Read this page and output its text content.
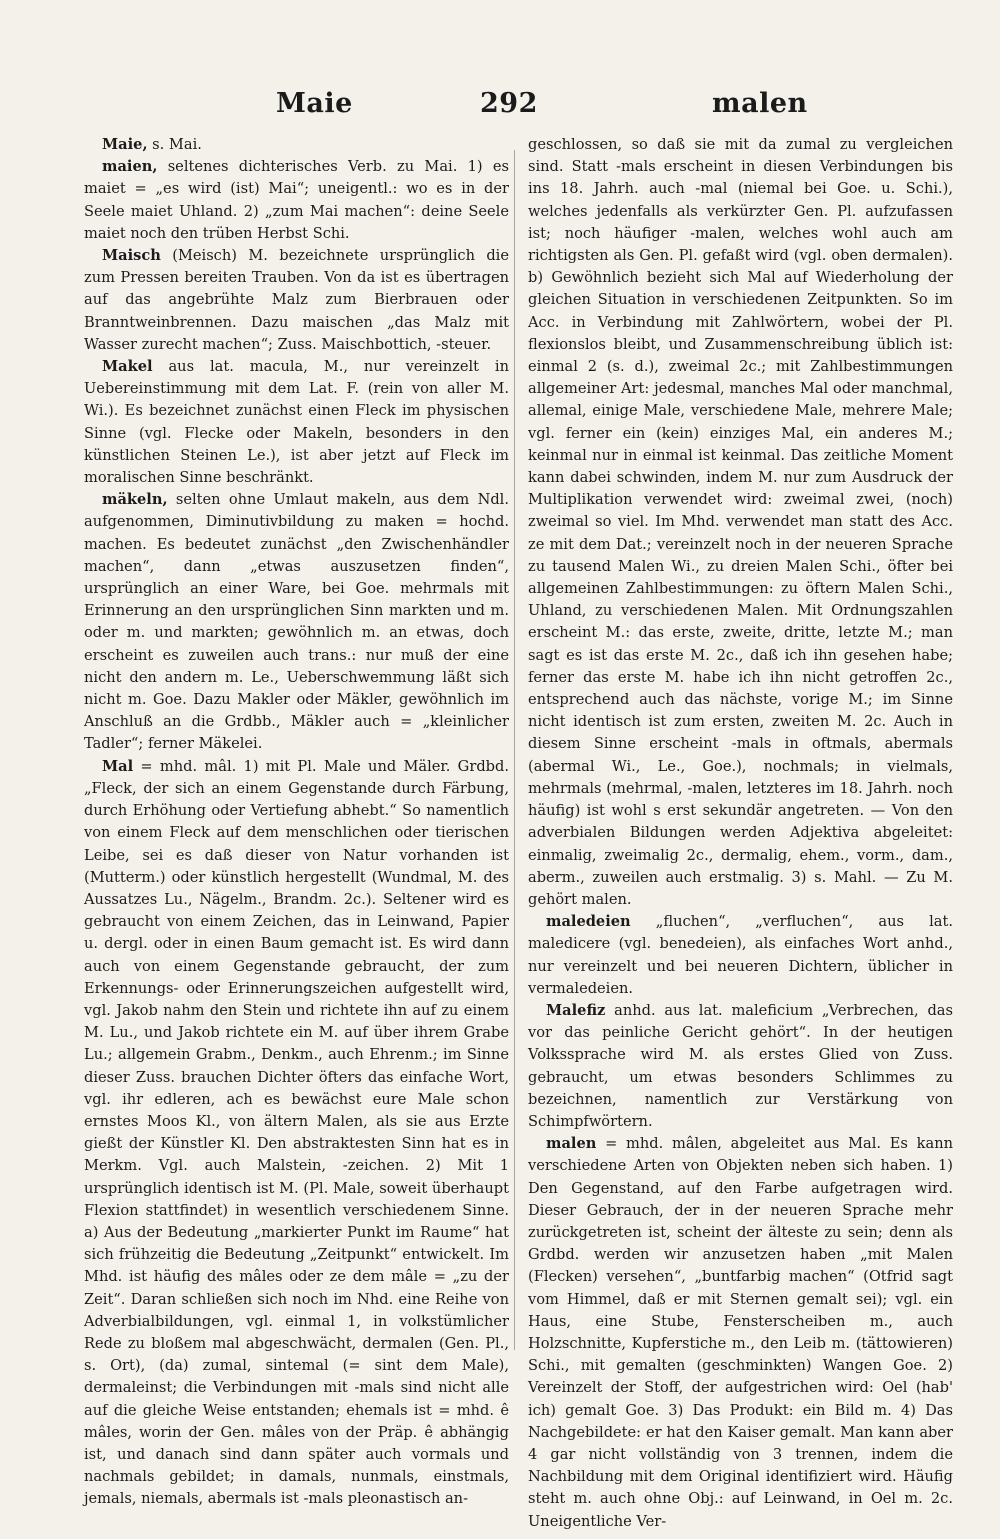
Maie	292	malen

Maie, s. Mai.

maien, seltenes dichterisches Verb. zu Mai. 1) es maiet = „es wird (ist) Mai“; uneigentl.: wo es in der Seele maiet Uhland. 2) „zum Mai machen“: deine Seele maiet noch den trüben Herbst Schi.

Maisch (Meisch) M. bezeichnete ursprünglich die zum Pressen bereiten Trauben. Von da ist es übertragen auf das angebrühte Malz zum Bierbrauen oder Branntweinbrennen. Dazu maischen „das Malz mit Wasser zurecht machen“; Zuss. Maischbottich, -steuer.

Makel aus lat. macula, M., nur vereinzelt in Uebereinstimmung mit dem Lat. F. (rein von aller M. Wi.). Es bezeichnet zunächst einen Fleck im physischen Sinne (vgl. Flecke oder Makeln, besonders in den künstlichen Steinen Le.), ist aber jetzt auf Fleck im moralischen Sinne beschränkt.

mäkeln, selten ohne Umlaut makeln, aus dem Ndl. aufgenommen, Diminutivbildung zu maken = hochd. machen. Es bedeutet zunächst „den Zwischenhändler machen“, dann „etwas auszusetzen finden“, ursprünglich an einer Ware, bei Goe. mehrmals mit Erinnerung an den ursprünglichen Sinn markten und m. oder m. und markten; gewöhnlich m. an etwas, doch erscheint es zuweilen auch trans.: nur muß der eine nicht den andern m. Le., Ueberschwemmung läßt sich nicht m. Goe. Dazu Makler oder Mäkler, gewöhnlich im Anschluß an die Grdbb., Mäkler auch = „kleinlicher Tadler“; ferner Mäkelei.

Mal = mhd. mâl. 1) mit Pl. Male und Mäler. Grdbd. „Fleck, der sich an einem Gegenstande durch Färbung, durch Erhöhung oder Vertiefung abhebt.“ So namentlich von einem Fleck auf dem menschlichen oder tierischen Leibe, sei es daß dieser von Natur vorhanden ist (Mutterm.) oder künstlich hergestellt (Wundmal, M. des Aussatzes Lu., Nägelm., Brandm. 2c.). Seltener wird es gebraucht von einem Zeichen, das in Leinwand, Papier u. dergl. oder in einen Baum gemacht ist. Es wird dann auch von einem Gegenstande gebraucht, der zum Erkennungs- oder Erinnerungszeichen aufgestellt wird, vgl. Jakob nahm den Stein und richtete ihn auf zu einem M. Lu., und Jakob richtete ein M. auf über ihrem Grabe Lu.; allgemein Grabm., Denkm., auch Ehrenm.; im Sinne dieser Zuss. brauchen Dichter öfters das einfache Wort, vgl. ihr edleren, ach es bewächst eure Male schon ernstes Moos Kl., von ältern Malen, als sie aus Erzte gießt der Künstler Kl. Den abstraktesten Sinn hat es in Merkm. Vgl. auch Malstein, -zeichen. 2) Mit 1 ursprünglich identisch ist M. (Pl. Male, soweit überhaupt Flexion stattfindet) in wesentlich verschiedenem Sinne. a) Aus der Bedeutung „markierter Punkt im Raume“ hat sich frühzeitig die Bedeutung „Zeitpunkt“ entwickelt. Im Mhd. ist häufig des mâles oder ze dem mâle = „zu der Zeit“. Daran schließen sich noch im Nhd. eine Reihe von Adverbialbildungen, vgl. einmal 1, in volkstümlicher Rede zu bloßem mal abgeschwächt, dermalen (Gen. Pl., s. Ort), (da) zumal, sintemal (= sint dem Male), dermaleinst; die Verbindungen mit -mals sind nicht alle auf die gleiche Weise entstanden; ehemals ist = mhd. ê mâles, worin der Gen. mâles von der Präp. ê abhängig ist, und danach sind dann später auch vormals und nachmals gebildet; in damals, nunmals, einstmals, jemals, niemals, abermals ist -mals pleonastisch an-

geschlossen, so daß sie mit da zumal zu vergleichen sind. Statt -mals erscheint in diesen Verbindungen bis ins 18. Jahrh. auch -mal (niemal bei Goe. u. Schi.), welches jedenfalls als verkürzter Gen. Pl. aufzufassen ist; noch häufiger -malen, welches wohl auch am richtigsten als Gen. Pl. gefaßt wird (vgl. oben dermalen). b) Gewöhnlich bezieht sich Mal auf Wiederholung der gleichen Situation in verschiedenen Zeitpunkten. So im Acc. in Verbindung mit Zahlwörtern, wobei der Pl. flexionslos bleibt, und Zusammenschreibung üblich ist: einmal 2 (s. d.), zweimal 2c.; mit Zahlbestimmungen allgemeiner Art: jedesmal, manches Mal oder manchmal, allemal, einige Male, verschiedene Male, mehrere Male; vgl. ferner ein (kein) einziges Mal, ein anderes M.; keinmal nur in einmal ist keinmal. Das zeitliche Moment kann dabei schwinden, indem M. nur zum Ausdruck der Multiplikation verwendet wird: zweimal zwei, (noch) zweimal so viel. Im Mhd. verwendet man statt des Acc. ze mit dem Dat.; vereinzelt noch in der neueren Sprache zu tausend Malen Wi., zu dreien Malen Schi., öfter bei allgemeinen Zahlbestimmungen: zu öftern Malen Schi., Uhland, zu verschiedenen Malen. Mit Ordnungszahlen erscheint M.: das erste, zweite, dritte, letzte M.; man sagt es ist das erste M. 2c., daß ich ihn gesehen habe; ferner das erste M. habe ich ihn nicht getroffen 2c., entsprechend auch das nächste, vorige M.; im Sinne nicht identisch ist zum ersten, zweiten M. 2c. Auch in diesem Sinne erscheint -mals in oftmals, abermals (abermal Wi., Le., Goe.), nochmals; in vielmals, mehrmals (mehrmal, -malen, letzteres im 18. Jahrh. noch häufig) ist wohl s erst sekundär angetreten. — Von den adverbialen Bildungen werden Adjektiva abgeleitet: einmalig, zweimalig 2c., dermalig, ehem., vorm., dam., aberm., zuweilen auch erstmalig. 3) s. Mahl. — Zu M. gehört malen.

maledeien „fluchen“, „verfluchen“, aus lat. maledicere (vgl. benedeien), als einfaches Wort anhd., nur vereinzelt und bei neueren Dichtern, üblicher in vermaledeien.

Malefiz anhd. aus lat. maleficium „Verbrechen, das vor das peinliche Gericht gehört“. In der heutigen Volkssprache wird M. als erstes Glied von Zuss. gebraucht, um etwas besonders Schlimmes zu bezeichnen, namentlich zur Verstärkung von Schimpfwörtern.

malen = mhd. mâlen, abgeleitet aus Mal. Es kann verschiedene Arten von Objekten neben sich haben. 1) Den Gegenstand, auf den Farbe aufgetragen wird. Dieser Gebrauch, der in der neueren Sprache mehr zurückgetreten ist, scheint der älteste zu sein; denn als Grdbd. werden wir anzusetzen haben „mit Malen (Flecken) versehen“, „buntfarbig machen“ (Otfrid sagt vom Himmel, daß er mit Sternen gemalt sei); vgl. ein Haus, eine Stube, Fensterscheiben m., auch Holzschnitte, Kupferstiche m., den Leib m. (tättowieren) Schi., mit gemalten (geschminkten) Wangen Goe. 2) Vereinzelt der Stoff, der aufgestrichen wird: Oel (hab' ich) gemalt Goe. 3) Das Produkt: ein Bild m. 4) Das Nachgebildete: er hat den Kaiser gemalt. Man kann aber 4 gar nicht vollständig von 3 trennen, indem die Nachbildung mit dem Original identifiziert wird. Häufig steht m. auch ohne Obj.: auf Leinwand, in Oel m. 2c. Uneigentliche Ver-
